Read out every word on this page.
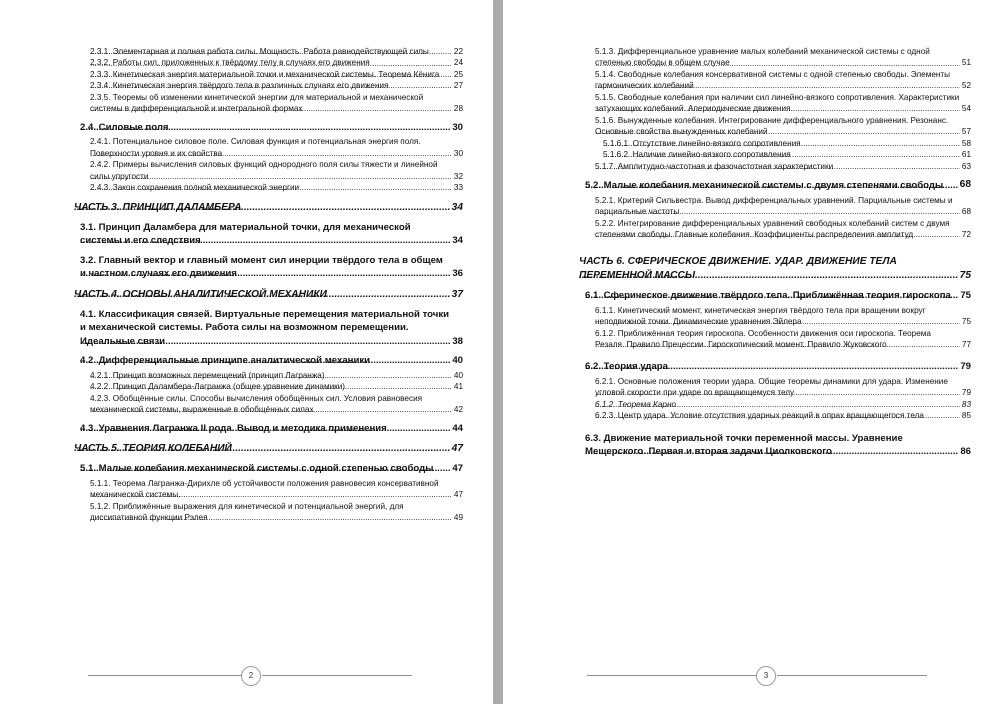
2.3.1. Элементарная и полная работа силы. Мощность. Работа равнодействующей силы .....	22
2.3.2. Работы сил, приложенных к твёрдому телу в случаях его движения .....	24
2.3.3. Кинетическая энергия материальной точки и механической системы. Теорема Кёнига .....	25
2.3.4. Кинетическая энергия твёрдого тела в различных случаях его движения .....	27
2.3.5. Теоремы об изменении кинетической энергии для материальной и механической системы в дифференциальной и интегральной формах .....	28
2.4. Силовые поля .....	30
2.4.1. Потенциальное силовое поле. Силовая функция и потенциальная энергия поля. Поверхности уровня и их свойства .....	30
2.4.2. Примеры вычисления силовых функций однородного поля силы тяжести и линейной силы упругости .....	32
2.4.3. Закон сохранения полной механической энергии .....	33
ЧАСТЬ 3. ПРИНЦИП ДАЛАМБЕРА .....	34
3.1. Принцип Даламбера для материальной точки, для механической системы и его следствия .....	34
3.2. Главный вектор и главный момент сил инерции твёрдого тела в общем и частном случаях его движения .....	36
ЧАСТЬ 4. ОСНОВЫ АНАЛИТИЧЕСКОЙ МЕХАНИКИ .....	37
4.1. Классификация связей. Виртуальные перемещения материальной точки и механической системы. Работа силы на возможном перемещении. Идеальные связи .....	38
4.2. Дифференциальные принципе аналитической механики .....	40
4.2.1. Принцип возможных перемещений (принцип Лагранжа) .....	40
4.2.2. Принцип Даламбера-Лагранжа (общее уравнение динамики) .....	41
4.2.3. Обобщённые силы. Способы вычисления обобщённых сил. Условия равновесия механической системы, выраженные в обобщённых силах .....	42
4.3. Уравнения Лагранжа II рода. Вывод и методика применения .....	44
ЧАСТЬ 5. ТЕОРИЯ КОЛЕБАНИЙ .....	47
5.1. Малые колебания механической системы с одной степенью свободы .....	47
5.1.1. Теорема Лагранжа-Дирихле об устойчивости положения равновесия консервативной механической системы. .....	47
5.1.2. Приближённые выражения для кинетической и потенциальной энергий, для диссипативной функции Рэлея .....	49
2
5.1.3. Дифференциальное уравнение малых колебаний механической системы с одной степенью свободы в общем случае .....	51
5.1.4. Свободные колебания консервативной системы с одной степенью свободы. Элементы гармонических колебаний .....	52
5.1.5. Свободные колебания при наличии сил линейно-вязкого сопротивления. Характеристики затухающих колебаний. Апериодические движения .....	54
5.1.6. Вынужденные колебания. Интегрирование дифференциального уравнения. Резонанс. Основные свойства вынужденных колебаний .....	57
5.1.6.1. Отсутствие линейно-вязкого сопротивления .....	58
5.1.6.2. Наличие линейно-вязкого сопротивления .....	61
5.1.7. Амплитудно-частотная и фазочастотная характеристики .....	63
5.2. Малые колебания механической системы с двумя степенями свободы .....	68
5.2.1. Критерий Сильвестра. Вывод дифференциальных уравнений. Парциальные системы и парциальные частоты .....	68
5.2.2. Интегрирование дифференциальных уравнений свободных колебаний систем с двумя степенями свободы. Главные колебания. Коэффициенты распределения амплитуд .....	72
ЧАСТЬ 6. СФЕРИЧЕСКОЕ ДВИЖЕНИЕ. УДАР. ДВИЖЕНИЕ ТЕЛА ПЕРЕМЕННОЙ МАССЫ .....	75
6.1. Сферическое движение твёрдого тела. Приближённая теория гироскопа ..... 75
6.1.1. Кинетический момент, кинетическая энергия твёрдого тела при вращении вокруг неподвижной точки. Динамические уравнения Эйлера .....	75
6.1.2. Приближённая теория гироскопа. Особенности движения оси гироскопа. Теорема Резаля. Правило Прецессии. Гироскопический момент. Правило Жуковского .....	77
6.2. Теория удара .....	79
6.2.1. Основные положения теории удара. Общие теоремы динамики для удара. Изменение угловой скорости при ударе по вращающемуся телу .....	79
6.1.2. Теорема Карно .....	83
6.2.3. Центр удара. Условие отсутствия ударных реакций в опрах вращающегося тела .....	85
6.3. Движение материальной точки переменной массы. Уравнение Мещерского. Первая и вторая задачи Циолковского .....	86
3
